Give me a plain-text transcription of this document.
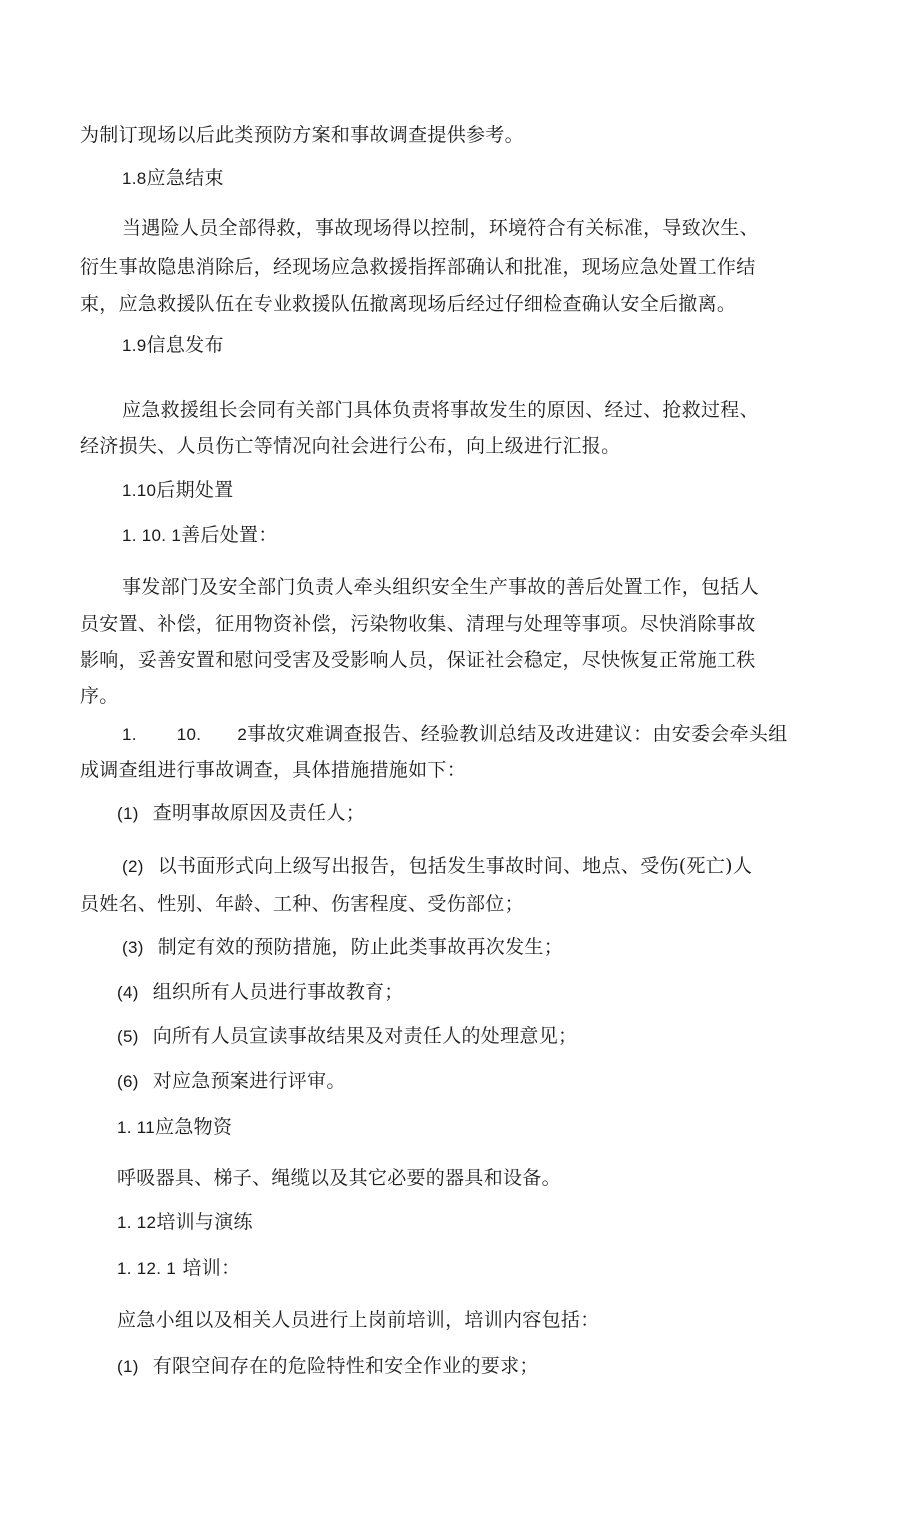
为制订现场以后此类预防方案和事故调查提供参考。
1.8应急结束
当遇险人员全部得救，事故现场得以控制，环境符合有关标准，导致次生、
衍生事故隐患消除后，经现场应急救援指挥部确认和批准，现场应急处置工作结
束，应急救援队伍在专业救援队伍撤离现场后经过仔细检查确认安全后撤离。
1.9信息发布
应急救援组长会同有关部门具体负责将事故发生的原因、经过、抢救过程、
经济损失、人员伤亡等情况向社会进行公布，向上级进行汇报。
1.10后期处置
1. 10. 1善后处置：
事发部门及安全部门负责人牵头组织安全生产事故的善后处置工作，包括人
员安置、补偿，征用物资补偿，污染物收集、清理与处理等事项。尽快消除事故
影响，妥善安置和慰问受害及受影响人员，保证社会稳定，尽快恢复正常施工秩
序。
1. 10. 2事故灾难调查报告、经验教训总结及改进建议：由安委会牵头组
成调查组进行事故调查，具体措施措施如下：
(1) 查明事故原因及责任人；
(2) 以书面形式向上级写出报告，包括发生事故时间、地点、受伤(死亡)人
员姓名、性别、年龄、工种、伤害程度、受伤部位；
(3) 制定有效的预防措施，防止此类事故再次发生；
(4) 组织所有人员进行事故教育；
(5) 向所有人员宣读事故结果及对责任人的处理意见；
(6) 对应急预案进行评审。
1. 11应急物资
呼吸器具、梯子、绳缆以及其它必要的器具和设备。
1. 12培训与演练
1. 12. 1 培训：
应急小组以及相关人员进行上岗前培训，培训内容包括：
(1) 有限空间存在的危险特性和安全作业的要求；
